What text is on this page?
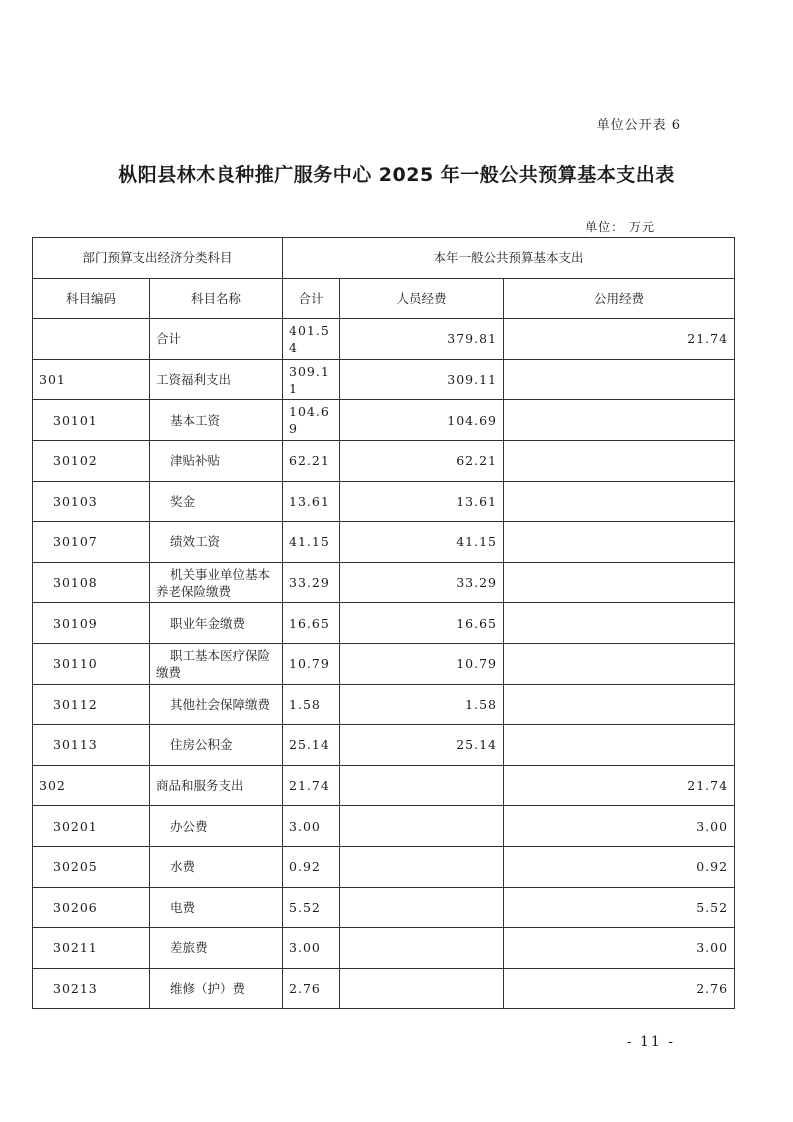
单位公开表 6
枞阳县林木良种推广服务中心 2025 年一般公共预算基本支出表
单位： 万元
部门预算支出经济分类科目		本年一般公共预算基本支出		
科目编码	科目名称	合计	人员经费	公用经费
	合计	401.54	379.81	21.74
301	工资福利支出	309.11	309.11	
30101	基本工资	104.69	104.69	
30102	津贴补贴	62.21	62.21	
30103	奖金	13.61	13.61	
30107	绩效工资	41.15	41.15	
30108	机关事业单位基本养老保险缴费	33.29	33.29	
30109	职业年金缴费	16.65	16.65	
30110	职工基本医疗保险缴费	10.79	10.79	
30112	其他社会保障缴费	1.58	1.58	
30113	住房公积金	25.14	25.14	
302	商品和服务支出	21.74		21.74
30201	办公费	3.00		3.00
30205	水费	0.92		0.92
30206	电费	5.52		5.52
30211	差旅费	3.00		3.00
30213	维修（护）费	2.76		2.76
- 11 -
